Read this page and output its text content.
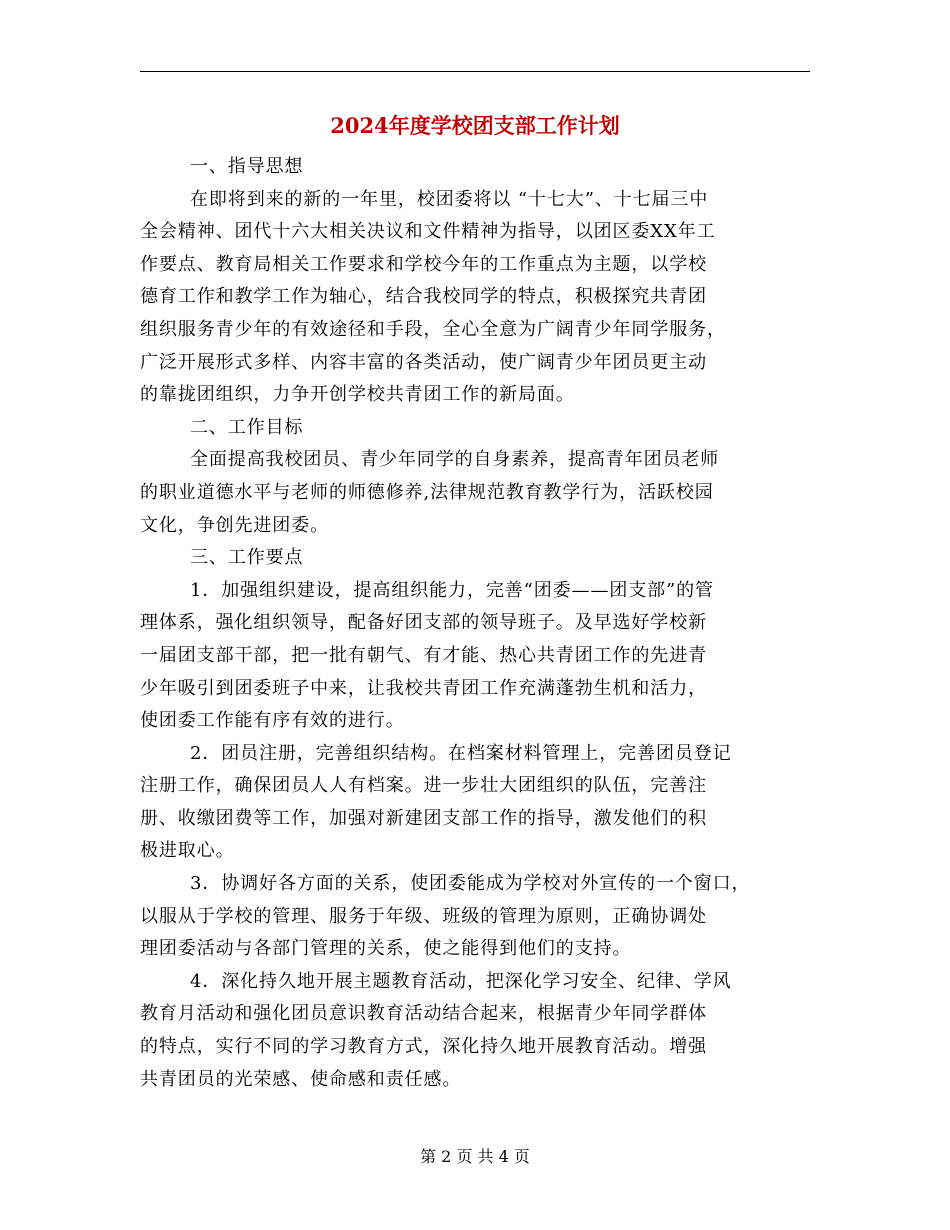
2024年度学校团支部工作计划
一、指导思想
在即将到来的新的一年里，校团委将以 “十七大”、十七届三中
全会精神、团代十六大相关决议和文件精神为指导，以团区委XX年工
作要点、教育局相关工作要求和学校今年的工作重点为主题，以学校
德育工作和教学工作为轴心，结合我校同学的特点，积极探究共青团
组织服务青少年的有效途径和手段，全心全意为广阔青少年同学服务，
广泛开展形式多样、内容丰富的各类活动，使广阔青少年团员更主动
的靠拢团组织，力争开创学校共青团工作的新局面。
二、工作目标
全面提高我校团员、青少年同学的自身素养，提高青年团员老师
的职业道德水平与老师的师德修养,法律规范教育教学行为，活跃校园
文化，争创先进团委。
三、工作要点
1．加强组织建设，提高组织能力，完善“团委——团支部”的管
理体系，强化组织领导，配备好团支部的领导班子。及早选好学校新
一届团支部干部，把一批有朝气、有才能、热心共青团工作的先进青
少年吸引到团委班子中来，让我校共青团工作充满蓬勃生机和活力，
使团委工作能有序有效的进行。
2．团员注册，完善组织结构。在档案材料管理上，完善团员登记
注册工作，确保团员人人有档案。进一步壮大团组织的队伍，完善注
册、收缴团费等工作，加强对新建团支部工作的指导，激发他们的积
极进取心。
3．协调好各方面的关系，使团委能成为学校对外宣传的一个窗口，
以服从于学校的管理、服务于年级、班级的管理为原则，正确协调处
理团委活动与各部门管理的关系，使之能得到他们的支持。
4．深化持久地开展主题教育活动，把深化学习安全、纪律、学风
教育月活动和强化团员意识教育活动结合起来，根据青少年同学群体
的特点，实行不同的学习教育方式，深化持久地开展教育活动。增强
共青团员的光荣感、使命感和责任感。
第 2 页 共 4 页
